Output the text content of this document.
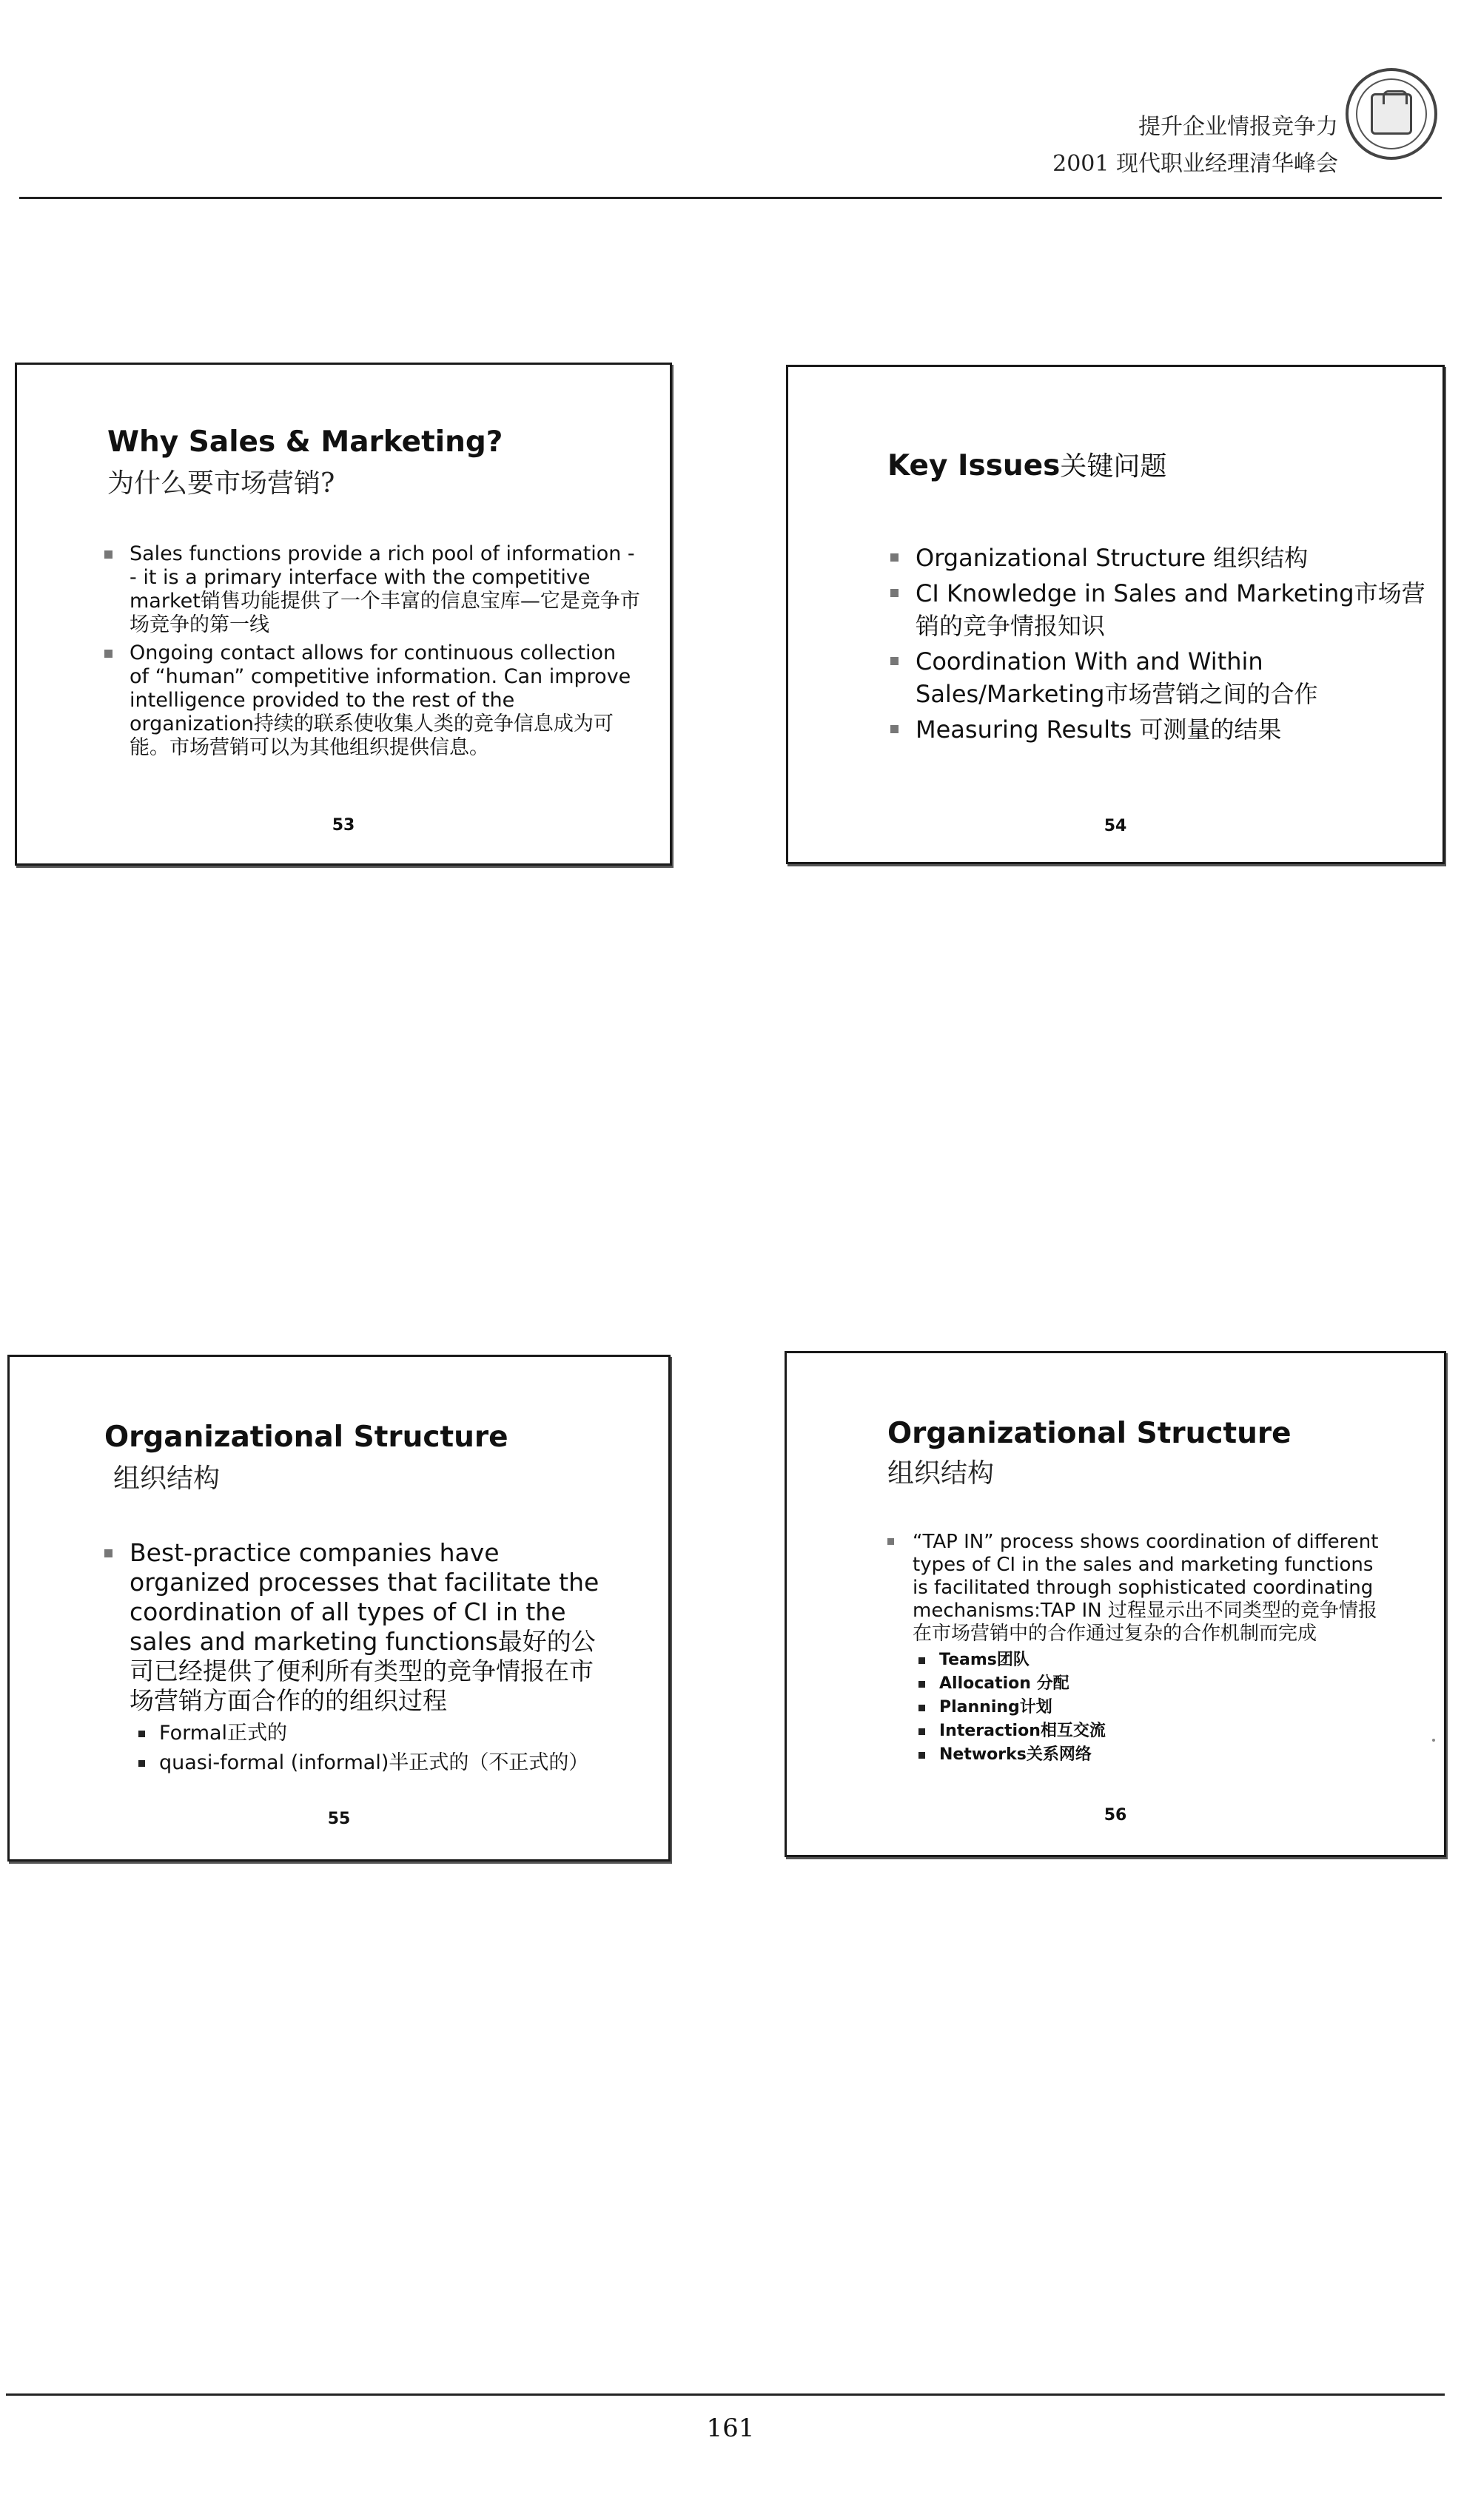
提升企业情报竞争力
2001 现代职业经理清华峰会
Why Sales & Marketing?
为什么要市场营销?
Sales functions provide a rich pool of information -- it is a primary interface with the competitive market销售功能提供了一个丰富的信息宝库—它是竞争市场竞争的第一线
Ongoing contact allows for continuous collection of “human” competitive information. Can improve intelligence provided to the rest of the organization持续的联系使收集人类的竞争信息成为可能。市场营销可以为其他组织提供信息。
53
Key Issues关键问题
Organizational Structure 组织结构
CI Knowledge in Sales and Marketing市场营销的竞争情报知识
Coordination With and Within Sales/Marketing市场营销之间的合作
Measuring Results 可测量的结果
54
Organizational Structure
组织结构
Best-practice companies have organized processes that facilitate the coordination of all types of CI in the sales and marketing functions最好的公司已经提供了便利所有类型的竞争情报在市场营销方面合作的的组织过程
Formal正式的
quasi-formal (informal)半正式的（不正式的）
55
Organizational Structure
组织结构
“TAP IN” process shows coordination of different types of CI in the sales and marketing functions is facilitated through sophisticated coordinating mechanisms:TAP IN 过程显示出不同类型的竞争情报在市场营销中的合作通过复杂的合作机制而完成
Teams团队
Allocation 分配
Planning计划
Interaction相互交流
Networks关系网络
56
161
